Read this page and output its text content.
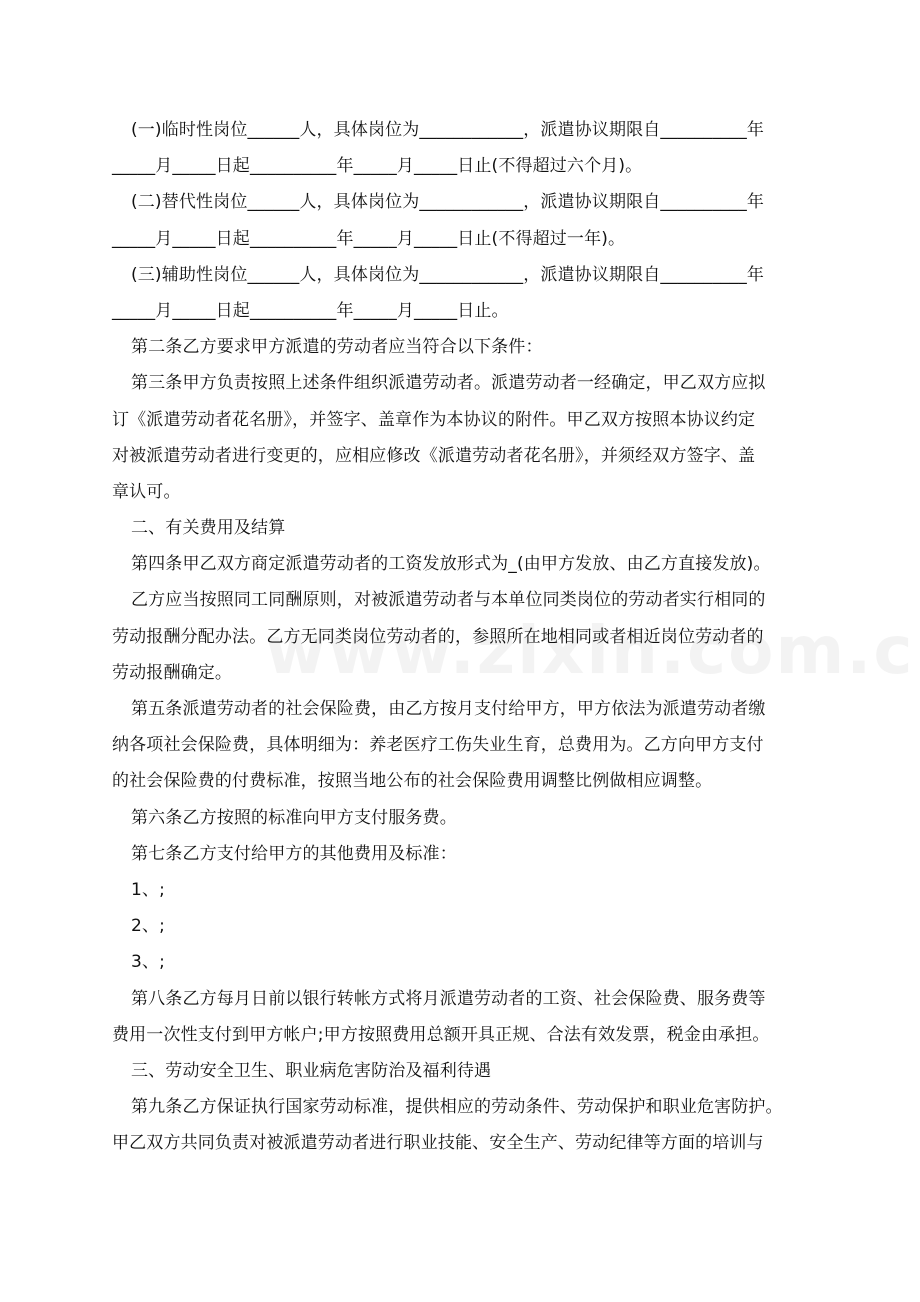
(一)临时性岗位______人，具体岗位为____________，派遣协议期限自__________年
_____月_____日起__________年_____月_____日止(不得超过六个月)。
(二)替代性岗位______人，具体岗位为____________，派遣协议期限自__________年
_____月_____日起__________年_____月_____日止(不得超过一年)。
(三)辅助性岗位______人，具体岗位为____________，派遣协议期限自__________年
_____月_____日起__________年_____月_____日止。
第二条乙方要求甲方派遣的劳动者应当符合以下条件：
第三条甲方负责按照上述条件组织派遣劳动者。派遣劳动者一经确定，甲乙双方应拟
订《派遣劳动者花名册》，并签字、盖章作为本协议的附件。甲乙双方按照本协议约定
对被派遣劳动者进行变更的，应相应修改《派遣劳动者花名册》，并须经双方签字、盖
章认可。
二、有关费用及结算
第四条甲乙双方商定派遣劳动者的工资发放形式为_(由甲方发放、由乙方直接发放)。
乙方应当按照同工同酬原则，对被派遣劳动者与本单位同类岗位的劳动者实行相同的
劳动报酬分配办法。乙方无同类岗位劳动者的，参照所在地相同或者相近岗位劳动者的
劳动报酬确定。
第五条派遣劳动者的社会保险费，由乙方按月支付给甲方，甲方依法为派遣劳动者缴
纳各项社会保险费，具体明细为：养老医疗工伤失业生育，总费用为。乙方向甲方支付
的社会保险费的付费标准，按照当地公布的社会保险费用调整比例做相应调整。
第六条乙方按照的标准向甲方支付服务费。
第七条乙方支付给甲方的其他费用及标准：
1、;
2、;
3、;
第八条乙方每月日前以银行转帐方式将月派遣劳动者的工资、社会保险费、服务费等
费用一次性支付到甲方帐户;甲方按照费用总额开具正规、合法有效发票，税金由承担。
三、劳动安全卫生、职业病危害防治及福利待遇
第九条乙方保证执行国家劳动标准，提供相应的劳动条件、劳动保护和职业危害防护。
甲乙双方共同负责对被派遣劳动者进行职业技能、安全生产、劳动纪律等方面的培训与
